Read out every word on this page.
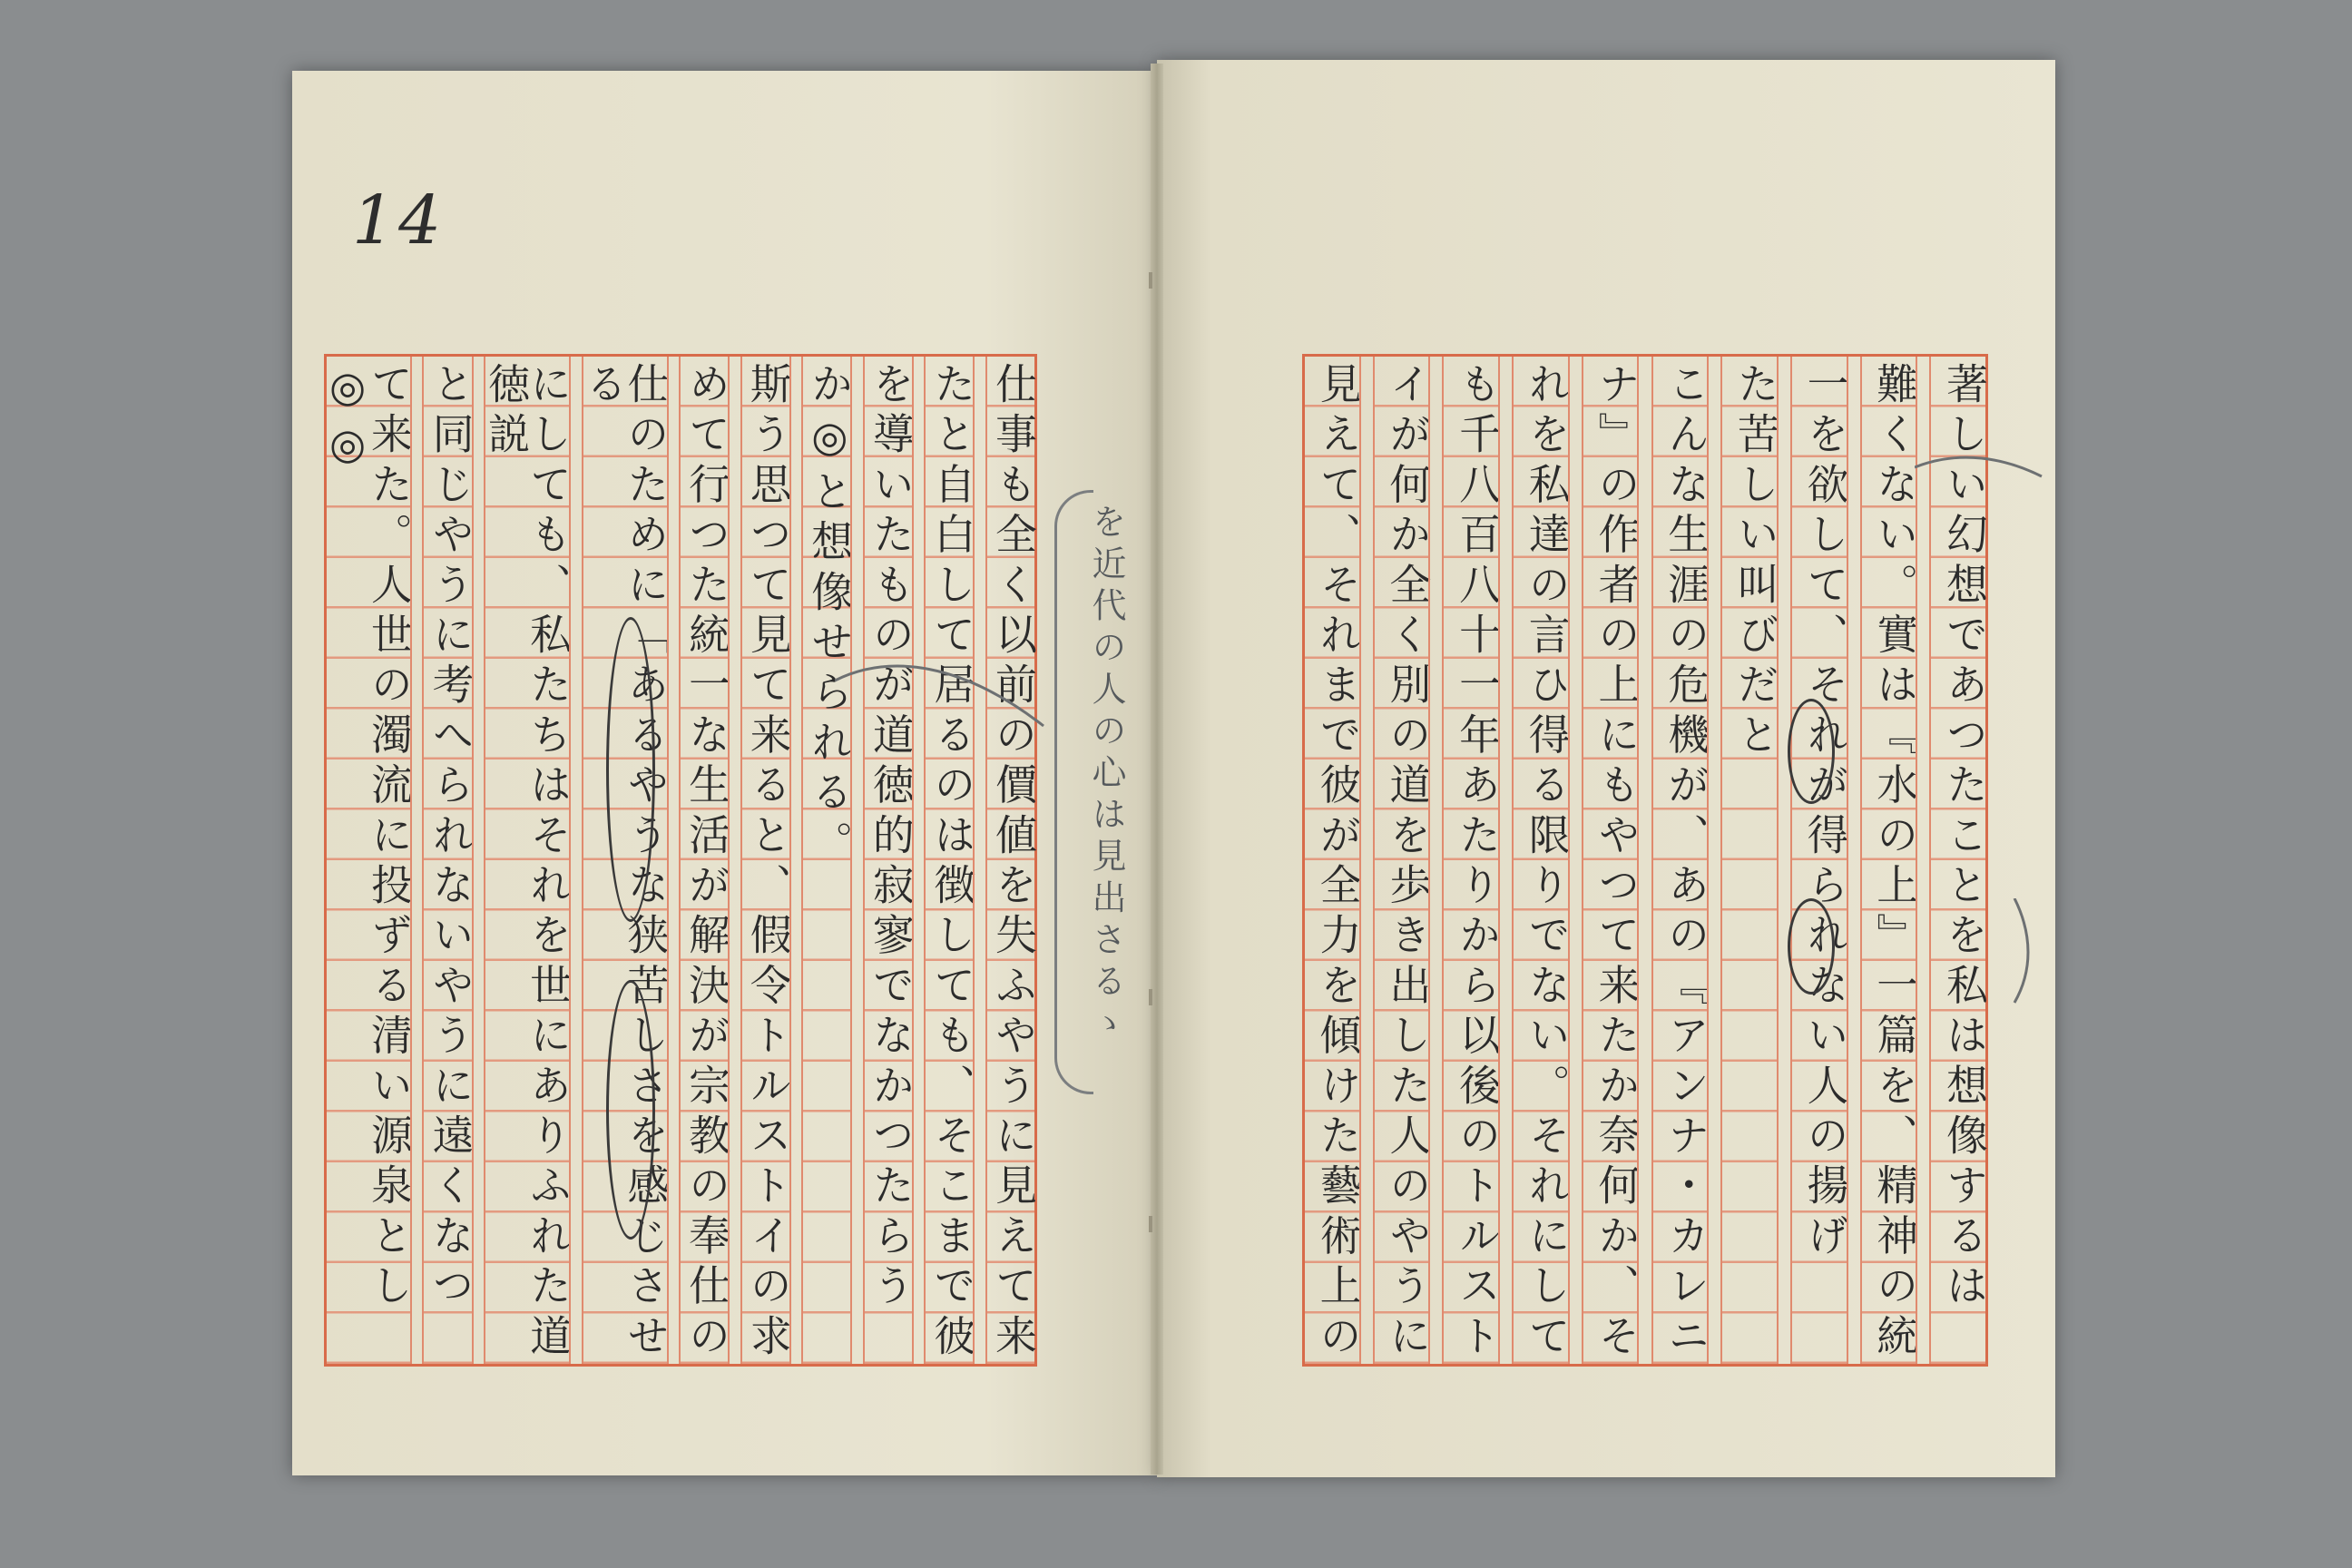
14
仕事も全く以前の價値を失ふやうに見えて来
たと自白して居るのは徴しても、そこまで彼
を導いたものが道徳的寂寥でなかつたらう
か◎と想像せられる。
斯う思つて見て来ると、假令トルストイの求
めて行つた統一な生活が解決が宗教の奉仕の
仕のために「あるやうな狭苦しさを感じさせる
にしても、私たちはそれを世にありふれた道徳説
と同じやうに考へられないやうに遠くなつ
て来た。人世の濁流に投ずる清い源泉とし◎◎	著しい幻想であつたことを私は想像するは
難くない。實は『水の上』一篇を、精神の統
一を欲して、それが得られない人の揚げ
た苦しい叫びだと
こんな生涯の危機が、あの『アンナ・カレニ
ナ』の作者の上にもやつて来たか奈何か、そ
れを私達の言ひ得る限りでない。それにして
も千八百八十一年あたりから以後のトルスト
イが何か全く別の道を歩き出した人のやうに
見えて、それまで彼が全力を傾けた藝術上の
を近代の人の心は見出さるゝ
